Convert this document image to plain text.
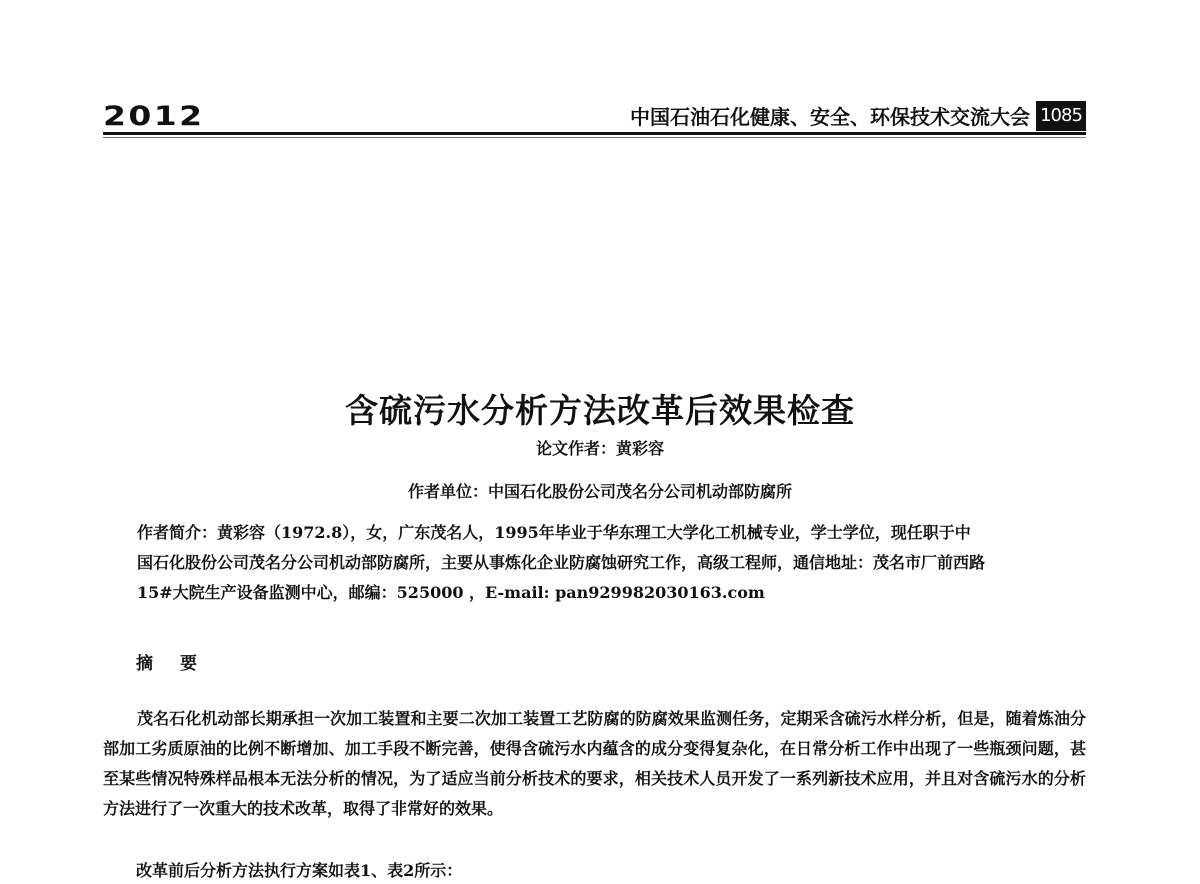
2012	中国石油石化健康、安全、环保技术交流大会 1085
含硫污水分析方法改革后效果检查
论文作者：黄彩容
作者单位：中国石化股份公司茂名分公司机动部防腐所
作者简介：黄彩容（1972.8），女，广东茂名人，1995年毕业于华东理工大学化工机械专业，学士学位，现任职于中
国石化股份公司茂名分公司机动部防腐所，主要从事炼化企业防腐蚀研究工作，高级工程师，通信地址：茂名市厂前西路
15#大院生产设备监测中心，邮编：525000 ，E-mail: pan929982030163.com
摘要

茂名石化机动部长期承担一次加工装置和主要二次加工装置工艺防腐的防腐效果监测任务，定期采含硫污水样分析，但是，随着炼油分部加工劣质原油的比例不断增加、加工手段不断完善，使得含硫污水内蕴含的成分变得复杂化，在日常分析工作中出现了一些瓶颈问题，甚至某些情况特殊样品根本无法分析的情况，为了适应当前分析技术的要求，相关技术人员开发了一系列新技术应用，并且对含硫污水的分析方法进行了一次重大的技术改革，取得了非常好的效果。

改革前后分析方法执行方案如表1、表2所示：
